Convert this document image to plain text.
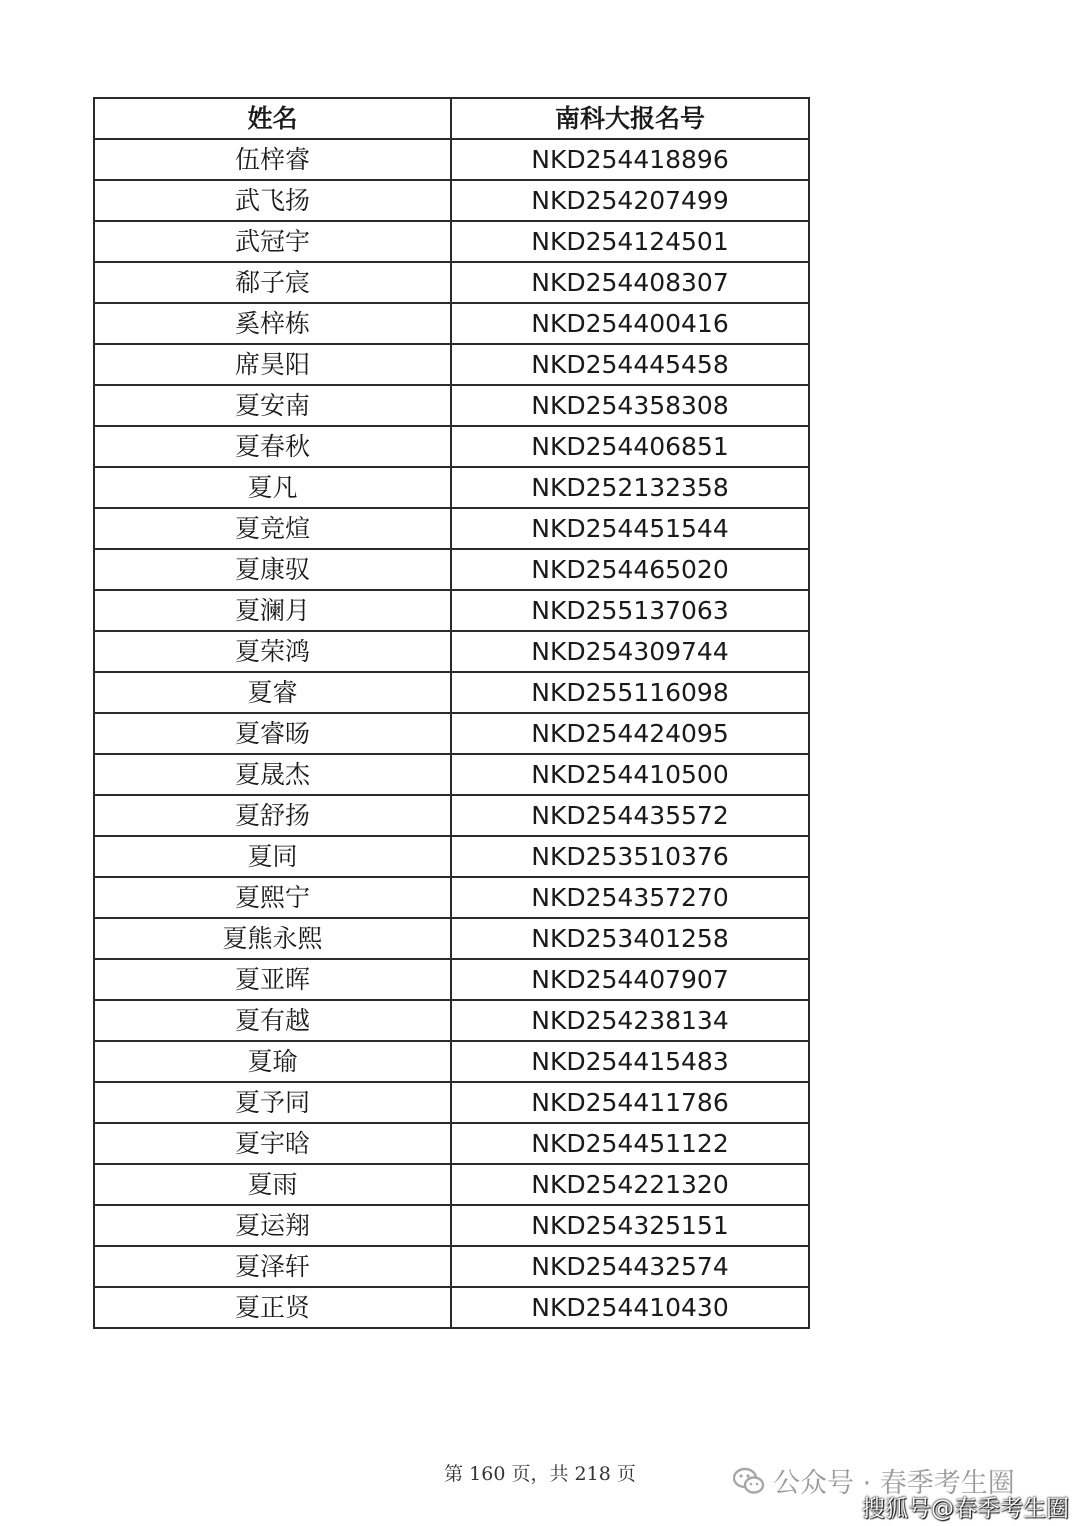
姓名	南科大报名号
伍梓睿	NKD254418896
武飞扬	NKD254207499
武冠宇	NKD254124501
郗子宸	NKD254408307
奚梓栋	NKD254400416
席昊阳	NKD254445458
夏安南	NKD254358308
夏春秋	NKD254406851
夏凡	NKD252132358
夏竞煊	NKD254451544
夏康驭	NKD254465020
夏澜月	NKD255137063
夏荣鸿	NKD254309744
夏睿	NKD255116098
夏睿旸	NKD254424095
夏晟杰	NKD254410500
夏舒扬	NKD254435572
夏同	NKD253510376
夏熙宁	NKD254357270
夏熊永熙	NKD253401258
夏亚晖	NKD254407907
夏有越	NKD254238134
夏瑜	NKD254415483
夏予同	NKD254411786
夏宇晗	NKD254451122
夏雨	NKD254221320
夏运翔	NKD254325151
夏泽轩	NKD254432574
夏正贤	NKD254410430
第 160 页，共 218 页	公众号 · 春季考生圈
搜狐号@春季考生圈
